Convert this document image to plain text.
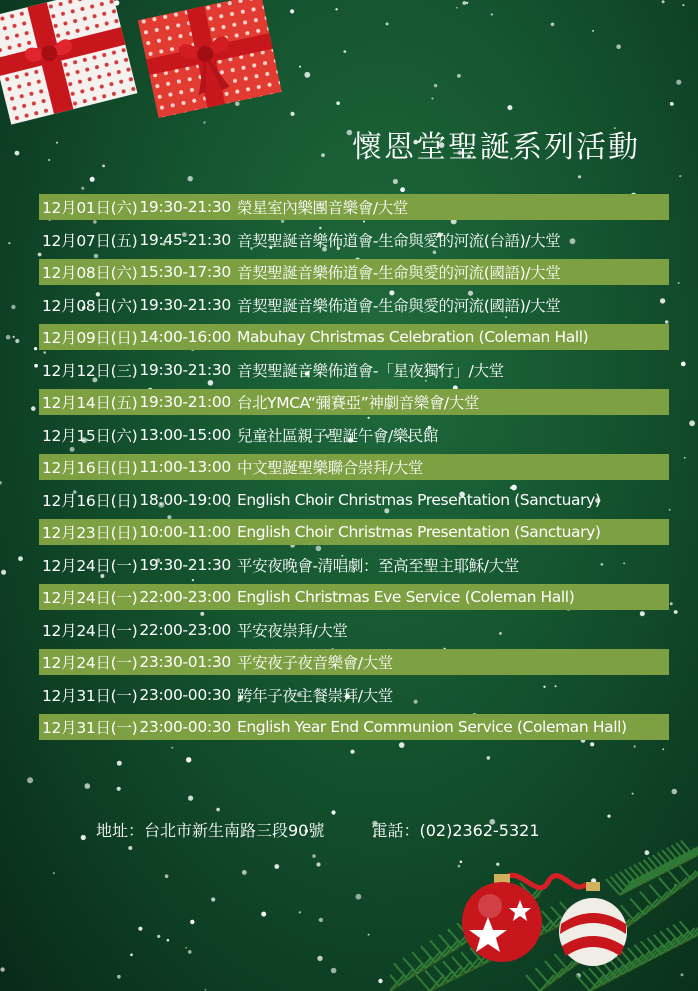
懷恩堂聖誕系列活動
12月01日(六) 19:30-21:30 榮星室內樂團音樂會/大堂
12月07日(五) 19:45-21:30 音契聖誕音樂佈道會-生命與愛的河流(台語)/大堂
12月08日(六) 15:30-17:30 音契聖誕音樂佈道會-生命與愛的河流(國語)/大堂
12月08日(六) 19:30-21:30 音契聖誕音樂佈道會-生命與愛的河流(國語)/大堂
12月09日(日) 14:00-16:00 Mabuhay Christmas Celebration (Coleman Hall)
12月12日(三) 19:30-21:30 音契聖誕音樂佈道會-「星夜獨行」/大堂
12月14日(五) 19:30-21:00 台北YMCA“彌賽亞”神劇音樂會/大堂
12月15日(六) 13:00-15:00 兒童社區親子聖誕午會/樂民館
12月16日(日) 11:00-13:00 中文聖誕聖樂聯合崇拜/大堂
12月16日(日) 18:00-19:00 English Choir Christmas Presentation (Sanctuary)
12月23日(日) 10:00-11:00 English Choir Christmas Presentation (Sanctuary)
12月24日(一) 19:30-21:30 平安夜晚會-清唱劇：至高至聖主耶穌/大堂
12月24日(一) 22:00-23:00 English Christmas Eve Service (Coleman Hall)
12月24日(一) 22:00-23:00 平安夜崇拜/大堂
12月24日(一) 23:30-01:30 平安夜子夜音樂會/大堂
12月31日(一) 23:00-00:30 跨年子夜主餐崇拜/大堂
12月31日(一) 23:00-00:30 English Year End Communion Service (Coleman Hall)
地址：台北市新生南路三段90號	電話：(02)2362-5321
